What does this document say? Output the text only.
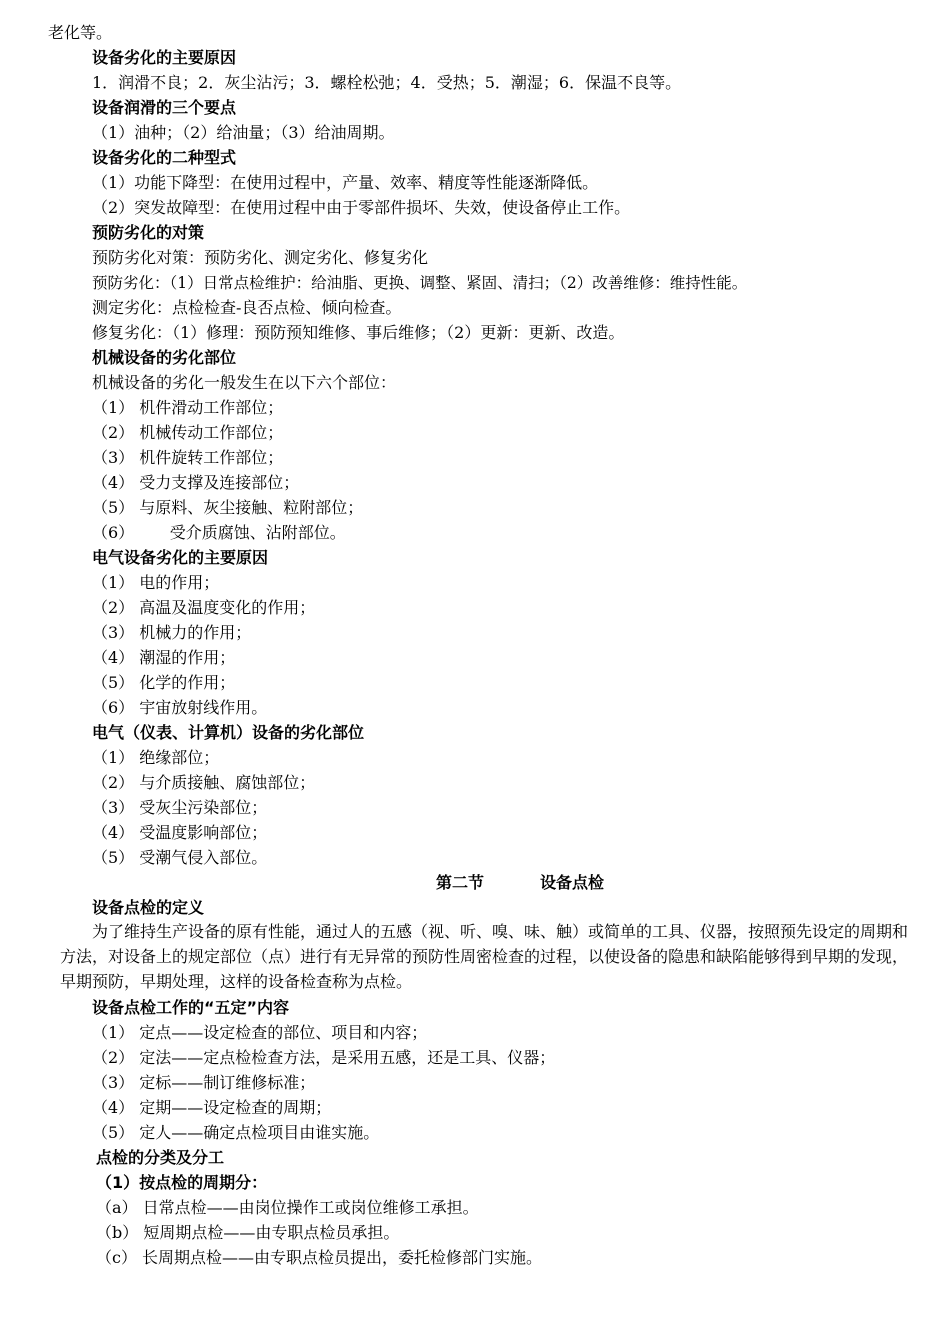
老化等。
设备劣化的主要原因
1．润滑不良；2．灰尘沾污；3．螺栓松弛；4．受热；5．潮湿；6．保温不良等。
设备润滑的三个要点
（1）油种；（2）给油量；（3）给油周期。
设备劣化的二种型式
（1）功能下降型：在使用过程中，产量、效率、精度等性能逐渐降低。
（2）突发故障型：在使用过程中由于零部件损坏、失效，使设备停止工作。
预防劣化的对策
预防劣化对策：预防劣化、测定劣化、修复劣化
预防劣化：（1）日常点检维护：给油脂、更换、调整、紧固、清扫；（2）改善维修：维持性能。
测定劣化：点检检查-良否点检、倾向检查。
修复劣化：（1）修理：预防预知维修、事后维修；（2）更新：更新、改造。
机械设备的劣化部位
机械设备的劣化一般发生在以下六个部位：
（1） 机件滑动工作部位；
（2） 机械传动工作部位；
（3） 机件旋转工作部位；
（4） 受力支撑及连接部位；
（5） 与原料、灰尘接触、粒附部位；
（6）       受介质腐蚀、沾附部位。
电气设备劣化的主要原因
（1） 电的作用；
（2） 高温及温度变化的作用；
（3） 机械力的作用；
（4） 潮湿的作用；
（5） 化学的作用；
（6） 宇宙放射线作用。
电气（仪表、计算机）设备的劣化部位
（1） 绝缘部位；
（2） 与介质接触、腐蚀部位；
（3） 受灰尘污染部位；
（4） 受温度影响部位；
（5） 受潮气侵入部位。
第二节	设备点检
设备点检的定义
为了维持生产设备的原有性能，通过人的五感（视、听、嗅、味、触）或简单的工具、仪器，按照预先设定的周期和方法，对设备上的规定部位（点）进行有无异常的预防性周密检查的过程，以使设备的隐患和缺陷能够得到早期的发现，早期预防，早期处理，这样的设备检查称为点检。
设备点检工作的“五定”内容
（1） 定点——设定检查的部位、项目和内容；
（2） 定法——定点检检查方法，是采用五感，还是工具、仪器；
（3） 定标——制订维修标准；
（4） 定期——设定检查的周期；
（5） 定人——确定点检项目由谁实施。
点检的分类及分工
（1）按点检的周期分：
（a） 日常点检——由岗位操作工或岗位维修工承担。
（b） 短周期点检——由专职点检员承担。
（c） 长周期点检——由专职点检员提出，委托检修部门实施。
